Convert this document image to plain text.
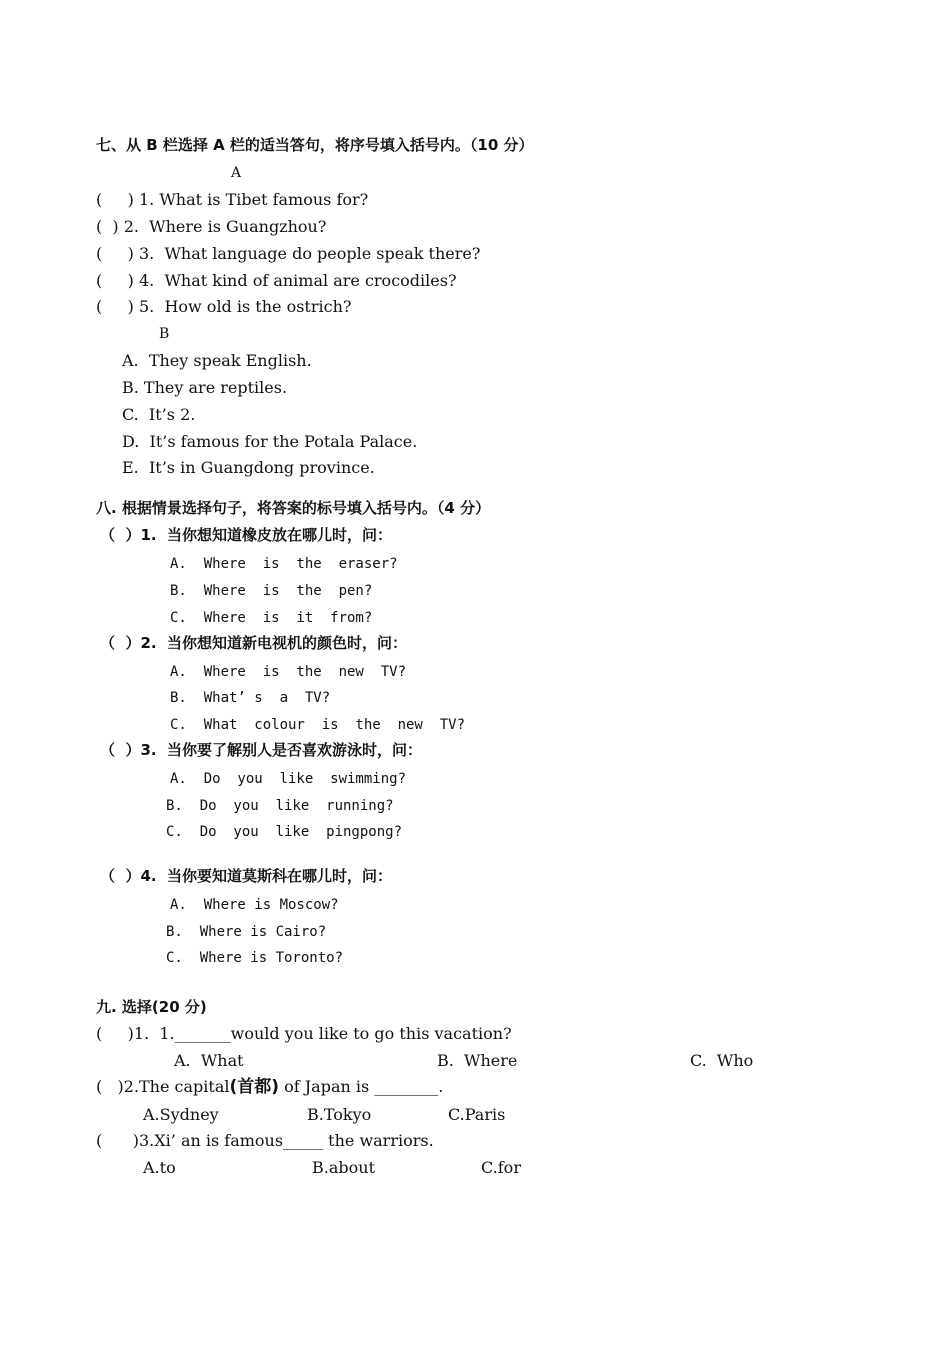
七、从 B 栏选择 A 栏的适当答句，将序号填入括号内。（10 分）
A
(     ) 1. What is Tibet famous for?
(  ) 2.  Where is Guangzhou?
(     ) 3.  What language do people speak there?
(     ) 4.  What kind of animal are crocodiles?
(     ) 5.  How old is the ostrich?
B
A.  They speak English.
B. They are reptiles.
C.  It’s 2.
D.  It’s famous for the Potala Palace.
E.  It’s in Guangdong province.
八. 根据情景选择句子，将答案的标号填入括号内。（4 分）
（  ）1. 当你想知道橡皮放在哪儿时，问：
A.  Where  is  the  eraser?
B.  Where  is  the  pen?
C.  Where  is  it  from?
（  ）2. 当你想知道新电视机的颜色时，问：
A.  Where  is  the  new  TV?
B.  What’ s  a  TV?
C.  What  colour  is  the  new  TV?
（  ）3. 当你要了解别人是否喜欢游泳时，问：
A.  Do  you  like  swimming?
B.  Do  you  like  running?
C.  Do  you  like  pingpong?
（  ）4. 当你要知道莫斯科在哪儿时，问：
A.  Where is Moscow?
B.  Where is Cairo?
C.  Where is Toronto?
九. 选择(20 分)
(     )1.  1._______would you like to go this vacation?
A.  What	B.  Where	C.  Who
(   )2.The capital(首都) of Japan is ________.
A.Sydney	B.Tokyo	C.Paris
(      )3.Xi’ an is famous_____ the warriors.
A.to	B.about	C.for
